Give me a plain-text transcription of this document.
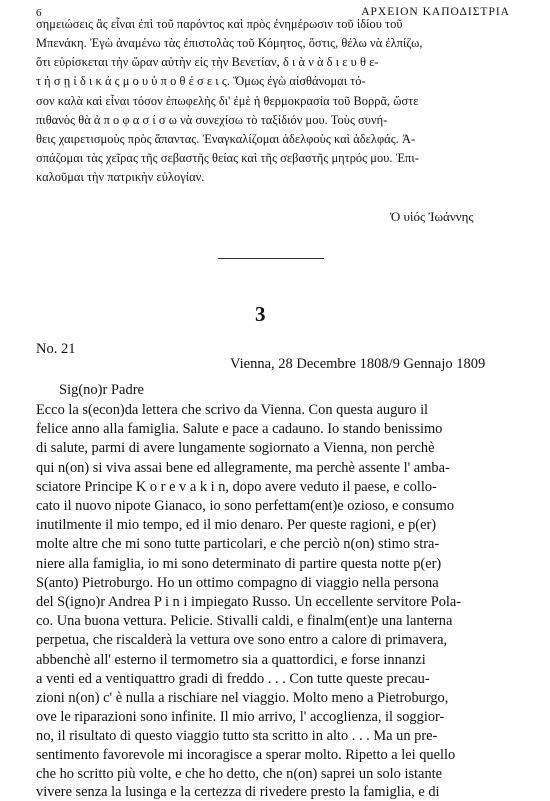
6	ΑΡΧΕΙΟΝ ΚΑΠΟΔΙΣΤΡΙΑ
σημειώσεις ἂς εἶναι ἐπὶ τοῦ παρόντος καὶ πρὸς ἐνημέρωσιν τοῦ ἰδίου τοῦ
Μπενάκη. Ἐγὼ ἀναμένω τὰς ἐπιστολὰς τοῦ Κόμητος, ὅστις, θέλω νὰ ἐλπίζω,
ὅτι εὑρίσκεται τὴν ὥραν αὐτὴν εἰς τὴν Βενετίαν, δ ι ὰ ν ὰ δ ι ε υ θ ε-
τ ή σ ῃ ἰ δ ι κ ά ς μ ο υ ὑ π ο θ έ σ ε ι ς. Ὅμως ἐγὼ αἰσθάνομαι τό-
σον καλὰ καὶ εἶναι τόσον ἐπωφελὴς δι' ἐμὲ ἡ θερμοκρασία τοῦ Βορρᾶ, ὥστε
πιθανὸς θὰ ἀ π ο φ α σ ί σ ω νὰ συνεχίσω τὸ ταξίδιόν μου. Τοὺς συνή-
θεις χαιρετισμοὺς πρὸς ἅπαντας. Ἐναγκαλίζομαι ἀδελφοὺς καὶ ἀδελφάς. Ἀ-
σπάζομαι τὰς χεῖρας τῆς σεβαστῆς θείας καὶ τῆς σεβαστῆς μητρός μου. Ἐπι-
καλοῦμαι τὴν πατρικὴν εὐλογίαν.
Ὁ υἱός Ἰωάννης
3
No. 21
Vienna, 28 Decembre 1808/9 Gennajo 1809
Sig(no)r Padre
Ecco la s(econ)da lettera che scrivo da Vienna. Con questa auguro il
felice anno alla famiglia. Salute e pace a cadauno. Io stando benissimo
di salute, parmi di avere lungamente sogiornato a Vienna, non perchè
qui n(on) si viva assai bene ed allegramente, ma perchè assente l' amba-
sciatore Principe K o r e v a k i n, dopo avere veduto il paese, e collo-
cato il nuovo nipote Gianaco, io sono perfettam(ent)e ozioso, e consumo
inutilmente il mio tempo, ed il mio denaro. Per queste ragioni, e p(er)
molte altre che mi sono tutte particolari, e che perciò n(on) stimo stra-
niere alla famiglia, io mi sono determinato di partire questa notte p(er)
S(anto) Pietroburgo. Ho un ottimo compagno di viaggio nella persona
del S(igno)r Andrea P i n i impiegato Russo. Un eccellente servitore Pola-
co. Una buona vettura. Pelicie. Stivalli caldi, e finalm(ent)e una lanterna
perpetua, che riscalderà la vettura ove sono entro a calore di primavera,
abbenchè all' esterno il termometro sia a quattordici, e forse innanzi
a venti ed a ventiquattro gradi di freddo . . . Con tutte queste precau-
zioni n(on) c' è nulla a rischiare nel viaggio. Molto meno a Pietroburgo,
ove le riparazioni sono infinite. Il mio arrivo, l' accoglienza, il soggior-
no, il risultato di questo viaggio tutto sta scritto in alto . . . Ma un pre-
sentimento favorevole mi incoragisce a sperar molto. Ripetto a lei quello
che ho scritto più volte, e che ho detto, che n(on) saprei un solo istante
vivere senza la lusinga e la certezza di rivedere presto la famiglia, e di
